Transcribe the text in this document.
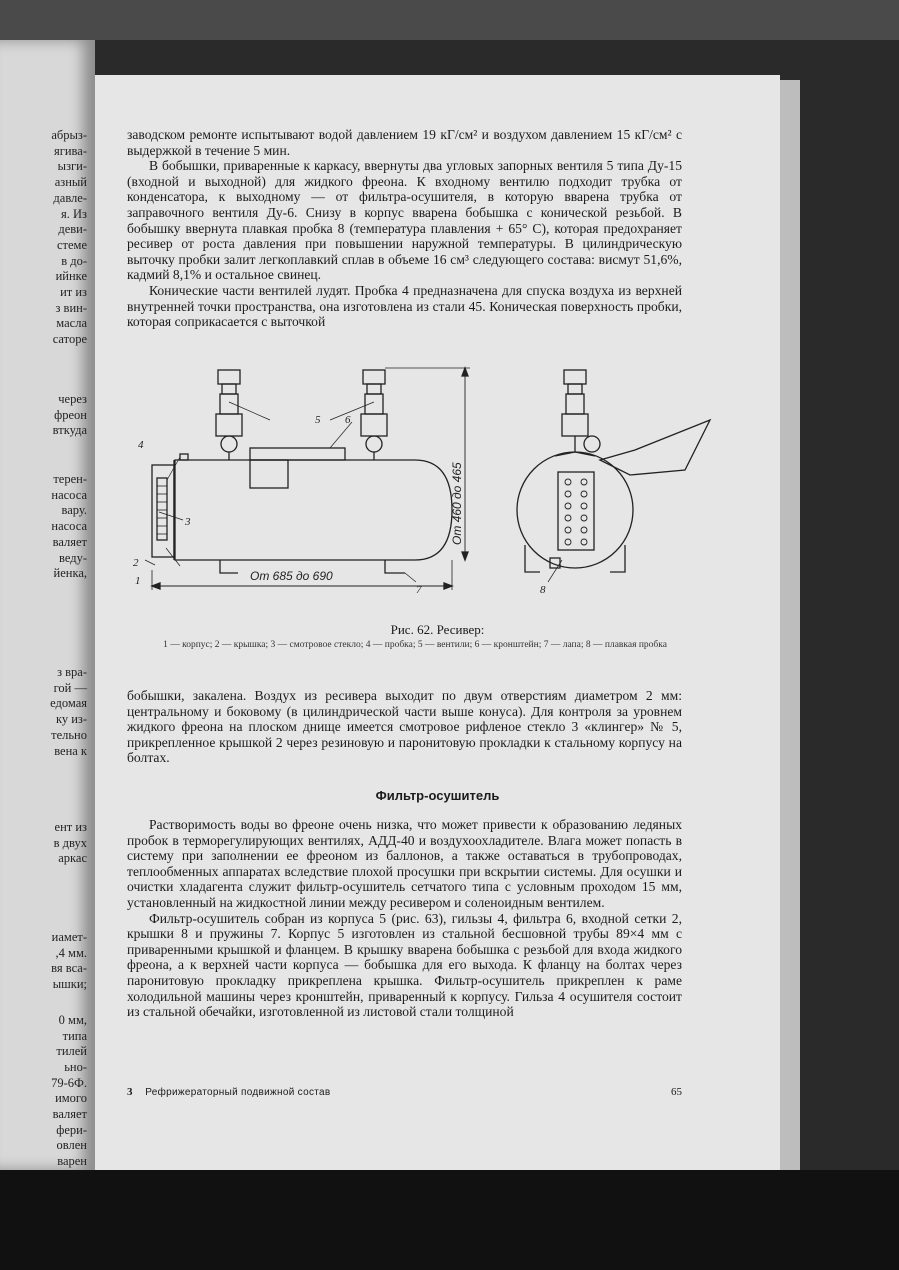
абрыз-
ягива-
ызги-
азный
давле-
я. Из
деви-
стеме
в до-
ийнке
ит из
з вин-
масла
саторе
через
фреон
вткуда
терен-
насоса
вару.
насоса
валяет
веду-
йенка,
з вра-
гой —
едомая
ку из-
тельно
вена к
ент из
в двух
аркас
иамет-
,4 мм.
вя вса-
ышки;
0 мм,
типа
тилей
ьно-
79-6Ф.
имого
валяет
фери-
овлен
варен

заводском ремонте испытывают водой давлением 19 кГ/см² и воздухом давлением 15 кГ/см² с выдержкой в течение 5 мин.

В бобышки, приваренные к каркасу, ввернуты два угловых запорных вентиля 5 типа Ду-15 (входной и выходной) для жидкого фреона. К входному вентилю подходит трубка от конденсатора, к выходному — от фильтра-осушителя, в которую вварена трубка от заправочного вентиля Ду-6. Снизу в корпус вварена бобышка с конической резьбой. В бобышку ввернута плавкая пробка 8 (температура плавления + 65° С), которая предохраняет ресивер от роста давления при повышении наружной температуры. В цилиндрическую выточку пробки залит легкоплавкий сплав в объеме 16 см³ следующего состава: висмут 51,6%, кадмий 8,1% и остальное свинец.

Конические части вентилей лудят. Пробка 4 предназначена для спуска воздуха из верхней внутренней точки пространства, она изготовлена из стали 45. Коническая поверхность пробки, которая соприкасается с выточкой

1
2
3
4
5 6
7	8
От 685 до 690
От 460 до 465
Рис. 62. Ресивер:
1 — корпус; 2 — крышка; 3 — смотровое стекло; 4 — пробка; 5 — вентили; 6 — кронштейн; 7 — лапа; 8 — плавкая пробка

бобышки, закалена. Воздух из ресивера выходит по двум отверстиям диаметром 2 мм: центральному и боковому (в цилиндрической части выше конуса). Для контроля за уровнем жидкого фреона на плоском днище имеется смотровое рифленое стекло 3 «клингер» № 5, прикрепленное крышкой 2 через резиновую и паронитовую прокладки к стальному корпусу на болтах.

Фильтр-осушитель

Растворимость воды во фреоне очень низка, что может привести к образованию ледяных пробок в терморегулирующих вентилях, АДД-40 и воздухоохладителе. Влага может попасть в систему при заполнении ее фреоном из баллонов, а также оставаться в трубопроводах, теплообменных аппаратах вследствие плохой просушки при вскрытии системы. Для осушки и очистки хладагента служит фильтр-осушитель сетчатого типа с условным проходом 15 мм, установленный на жидкостной линии между ресивером и соленоидным вентилем.

Фильтр-осушитель собран из корпуса 5 (рис. 63), гильзы 4, фильтра 6, входной сетки 2, крышки 8 и пружины 7. Корпус 5 изготовлен из стальной бесшовной трубы 89×4 мм с приваренными крышкой и фланцем. В крышку вварена бобышка с резьбой для входа жидкого фреона, а к верхней части корпуса — бобышка для его выхода. К фланцу на болтах через паронитовую прокладку прикреплена крышка. Фильтр-осушитель прикреплен к раме холодильной машины через кронштейн, приваренный к корпусу. Гильза 4 осушителя состоит из стальной обечайки, изготовленной из листовой стали толщиной

3 Рефрижераторный подвижной состав	65
